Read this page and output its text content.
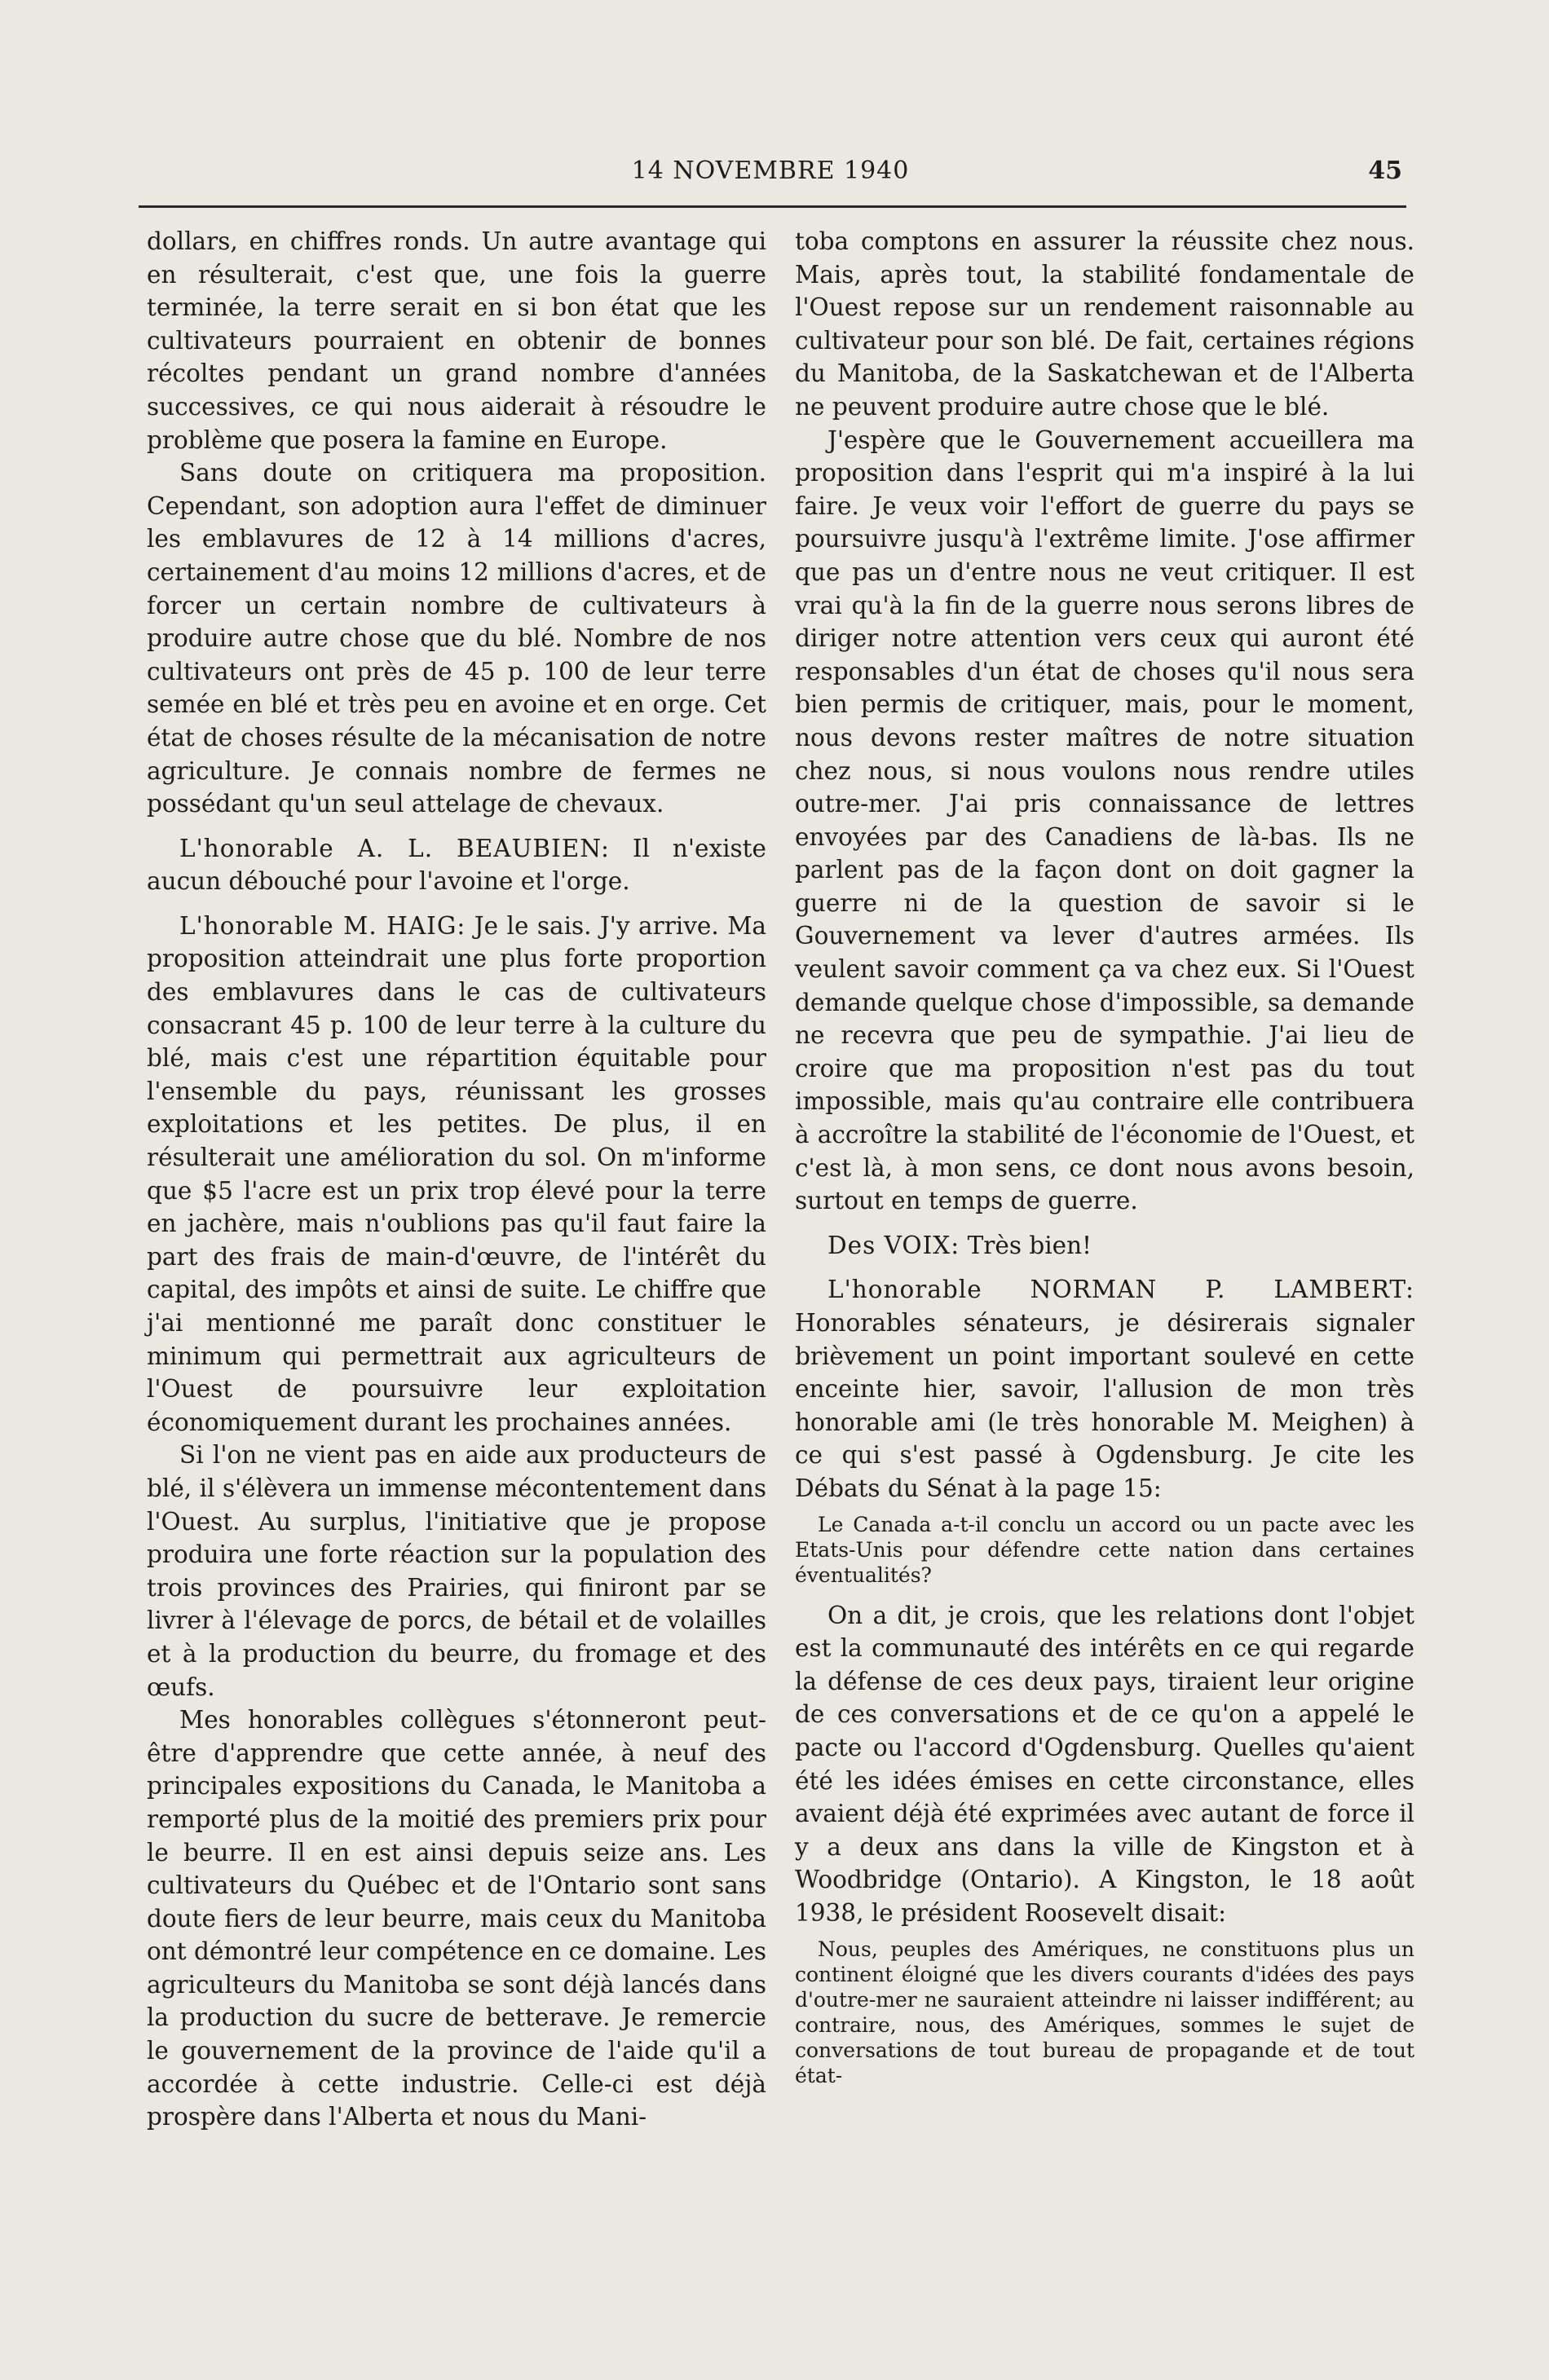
14 NOVEMBRE 1940	45

dollars, en chiffres ronds. Un autre avantage qui en résulterait, c'est que, une fois la guerre terminée, la terre serait en si bon état que les cultivateurs pourraient en obtenir de bonnes récoltes pendant un grand nombre d'années successives, ce qui nous aiderait à résoudre le problème que posera la famine en Europe.

Sans doute on critiquera ma proposition. Cependant, son adoption aura l'effet de diminuer les emblavures de 12 à 14 millions d'acres, certainement d'au moins 12 millions d'acres, et de forcer un certain nombre de cultivateurs à produire autre chose que du blé. Nombre de nos cultivateurs ont près de 45 p. 100 de leur terre semée en blé et très peu en avoine et en orge. Cet état de choses résulte de la mécanisation de notre agriculture. Je connais nombre de fermes ne possédant qu'un seul attelage de chevaux.

L'honorable A. L. BEAUBIEN: Il n'existe aucun débouché pour l'avoine et l'orge.

L'honorable M. HAIG: Je le sais. J'y arrive. Ma proposition atteindrait une plus forte proportion des emblavures dans le cas de cultivateurs consacrant 45 p. 100 de leur terre à la culture du blé, mais c'est une répartition équitable pour l'ensemble du pays, réunissant les grosses exploitations et les petites. De plus, il en résulterait une amélioration du sol. On m'informe que $5 l'acre est un prix trop élevé pour la terre en jachère, mais n'oublions pas qu'il faut faire la part des frais de main-d'œuvre, de l'intérêt du capital, des impôts et ainsi de suite. Le chiffre que j'ai mentionné me paraît donc constituer le minimum qui permettrait aux agriculteurs de l'Ouest de poursuivre leur exploitation économiquement durant les prochaines années.

Si l'on ne vient pas en aide aux producteurs de blé, il s'élèvera un immense mécontentement dans l'Ouest. Au surplus, l'initiative que je propose produira une forte réaction sur la population des trois provinces des Prairies, qui finiront par se livrer à l'élevage de porcs, de bétail et de volailles et à la production du beurre, du fromage et des œufs.

Mes honorables collègues s'étonneront peut-être d'apprendre que cette année, à neuf des principales expositions du Canada, le Manitoba a remporté plus de la moitié des premiers prix pour le beurre. Il en est ainsi depuis seize ans. Les cultivateurs du Québec et de l'Ontario sont sans doute fiers de leur beurre, mais ceux du Manitoba ont démontré leur compétence en ce domaine. Les agriculteurs du Manitoba se sont déjà lancés dans la production du sucre de betterave. Je remercie le gouvernement de la province de l'aide qu'il a accordée à cette industrie. Celle-ci est déjà prospère dans l'Alberta et nous du Mani-

toba comptons en assurer la réussite chez nous. Mais, après tout, la stabilité fondamentale de l'Ouest repose sur un rendement raisonnable au cultivateur pour son blé. De fait, certaines régions du Manitoba, de la Saskatchewan et de l'Alberta ne peuvent produire autre chose que le blé.

J'espère que le Gouvernement accueillera ma proposition dans l'esprit qui m'a inspiré à la lui faire. Je veux voir l'effort de guerre du pays se poursuivre jusqu'à l'extrême limite. J'ose affirmer que pas un d'entre nous ne veut critiquer. Il est vrai qu'à la fin de la guerre nous serons libres de diriger notre attention vers ceux qui auront été responsables d'un état de choses qu'il nous sera bien permis de critiquer, mais, pour le moment, nous devons rester maîtres de notre situation chez nous, si nous voulons nous rendre utiles outre-mer. J'ai pris connaissance de lettres envoyées par des Canadiens de là-bas. Ils ne parlent pas de la façon dont on doit gagner la guerre ni de la question de savoir si le Gouvernement va lever d'autres armées. Ils veulent savoir comment ça va chez eux. Si l'Ouest demande quelque chose d'impossible, sa demande ne recevra que peu de sympathie. J'ai lieu de croire que ma proposition n'est pas du tout impossible, mais qu'au contraire elle contribuera à accroître la stabilité de l'économie de l'Ouest, et c'est là, à mon sens, ce dont nous avons besoin, surtout en temps de guerre.

Des VOIX: Très bien!

L'honorable NORMAN P. LAMBERT: Honorables sénateurs, je désirerais signaler brièvement un point important soulevé en cette enceinte hier, savoir, l'allusion de mon très honorable ami (le très honorable M. Meighen) à ce qui s'est passé à Ogdensburg. Je cite les Débats du Sénat à la page 15:

Le Canada a-t-il conclu un accord ou un pacte avec les Etats-Unis pour défendre cette nation dans certaines éventualités?

On a dit, je crois, que les relations dont l'objet est la communauté des intérêts en ce qui regarde la défense de ces deux pays, tiraient leur origine de ces conversations et de ce qu'on a appelé le pacte ou l'accord d'Ogdensburg. Quelles qu'aient été les idées émises en cette circonstance, elles avaient déjà été exprimées avec autant de force il y a deux ans dans la ville de Kingston et à Woodbridge (Ontario). A Kingston, le 18 août 1938, le président Roosevelt disait:

Nous, peuples des Amériques, ne constituons plus un continent éloigné que les divers courants d'idées des pays d'outre-mer ne sauraient atteindre ni laisser indifférent; au contraire, nous, des Amériques, sommes le sujet de conversations de tout bureau de propagande et de tout état-
